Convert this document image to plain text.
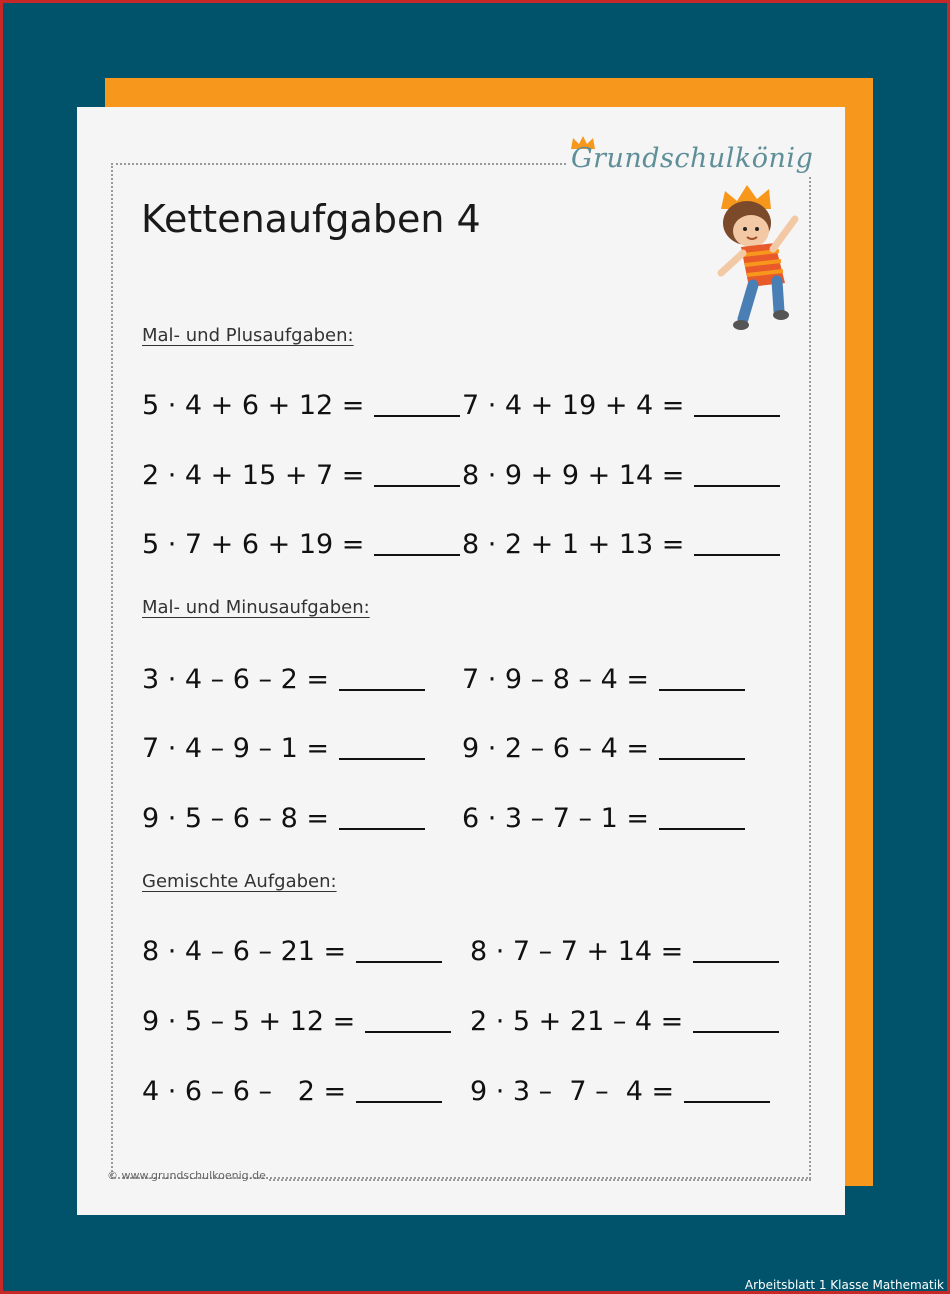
Grundschulkönig
Kettenaufgaben 4
Mal- und Plusaufgaben:
5 · 4 + 6 + 12 =	7 · 4 + 19 + 4 =
2 · 4 + 15 + 7 =	8 · 9 + 9 + 14 =
5 · 7 + 6 + 19 =	8 · 2 + 1 + 13 =
Mal- und Minusaufgaben:
3 · 4 – 6 – 2 =	7 · 9 – 8 – 4 =
7 · 4 – 9 – 1 =	9 · 2 – 6 – 4 =
9 · 5 – 6 – 8 =	6 · 3 – 7 – 1 =
Gemischte Aufgaben:
8 · 4 – 6 – 21 =	8 · 7 – 7 + 14 =
9 · 5 – 5 + 12 =	2 · 5 + 21 – 4 =
4 · 6 – 6 –   2 =	9 · 3 –  7 –  4 =
© www.grundschulkoenig.de
Arbeitsblatt 1 Klasse Mathematik
